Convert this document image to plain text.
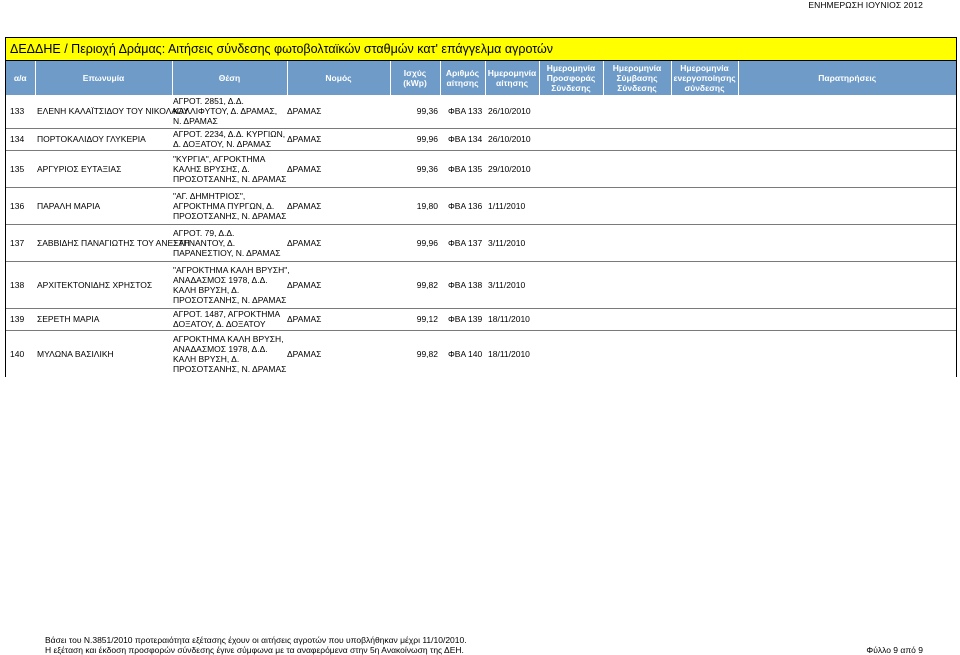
ΕΝΗΜΕΡΩΣΗ ΙΟΥΝΙΟΣ 2012
ΔΕΔΔΗΕ / Περιοχή Δράμας: Αιτήσεις σύνδεσης φωτοβολταϊκών σταθμών κατ' επάγγελμα αγροτών
α/α	Επωνυμία	Θέση	Νομός	Ισχύς (kWp)	Αριθμός αίτησης	Ημερομηνία αίτησης	Ημερομηνία Προσφοράς Σύνδεσης	Ημερομηνία Σύμβασης Σύνδεσης	Ημερομηνία ενεργοποίησης σύνδεσης	Παρατηρήσεις
133	ΕΛΕΝΗ ΚΑΛΑΪΤΣΙΔΟΥ ΤΟΥ ΝΙΚΟΛΑΟΥ	ΑΓΡΟΤ. 2851, Δ.Δ.
ΚΑΛΛΙΦΥΤΟΥ, Δ. ΔΡΑΜΑΣ,
Ν. ΔΡΑΜΑΣ	ΔΡΑΜΑΣ	99,36	ΦΒΑ 133	26/10/2010				
134	ΠΟΡΤΟΚΑΛΙΔΟΥ ΓΛΥΚΕΡΙΑ	ΑΓΡΟΤ. 2234, Δ.Δ. ΚΥΡΓΙΩΝ,
Δ. ΔΟΞΑΤΟΥ, Ν. ΔΡΑΜΑΣ	ΔΡΑΜΑΣ	99,96	ΦΒΑ 134	26/10/2010				
135	ΑΡΓΥΡΙΟΣ ΕΥΤΑΞΙΑΣ	"ΚΥΡΓΙΑ", ΑΓΡΟΚΤΗΜΑ
ΚΑΛΗΣ ΒΡΥΣΗΣ, Δ.
ΠΡΟΣΟΤΣΑΝΗΣ, Ν. ΔΡΑΜΑΣ	ΔΡΑΜΑΣ	99,36	ΦΒΑ 135	29/10/2010				
136	ΠΑΡΑΛΗ ΜΑΡΙΑ	"ΑΓ. ΔΗΜΗΤΡΙΟΣ",
ΑΓΡΟΚΤΗΜΑ ΠΥΡΓΩΝ, Δ.
ΠΡΟΣΟΤΣΑΝΗΣ, Ν. ΔΡΑΜΑΣ	ΔΡΑΜΑΣ	19,80	ΦΒΑ 136	1/11/2010				
137	ΣΑΒΒΙΔΗΣ ΠΑΝΑΓΙΩΤΗΣ ΤΟΥ ΑΝΕΣΤΗ	ΑΓΡΟΤ. 79, Δ.Δ.
ΞΑΓΝΑΝΤΟΥ, Δ.
ΠΑΡΑΝΕΣΤΙΟΥ, Ν. ΔΡΑΜΑΣ	ΔΡΑΜΑΣ	99,96	ΦΒΑ 137	3/11/2010				
138	ΑΡΧΙΤΕΚΤΟΝΙΔΗΣ ΧΡΗΣΤΟΣ	"ΑΓΡΟΚΤΗΜΑ ΚΑΛΗ ΒΡΥΣΗ",
ΑΝΑΔΑΣΜΟΣ 1978, Δ.Δ.
ΚΑΛΗ ΒΡΥΣΗ, Δ.
ΠΡΟΣΟΤΣΑΝΗΣ, Ν. ΔΡΑΜΑΣ	ΔΡΑΜΑΣ	99,82	ΦΒΑ 138	3/11/2010				
139	ΣΕΡΕΤΗ ΜΑΡΙΑ	ΑΓΡΟΤ. 1487, ΑΓΡΟΚΤΗΜΑ
ΔΟΞΑΤΟΥ, Δ. ΔΟΞΑΤΟΥ	ΔΡΑΜΑΣ	99,12	ΦΒΑ 139	18/11/2010				
140	ΜΥΛΩΝΑ ΒΑΣΙΛΙΚΗ	ΑΓΡΟΚΤΗΜΑ ΚΑΛΗ ΒΡΥΣΗ,
ΑΝΑΔΑΣΜΟΣ 1978, Δ.Δ.
ΚΑΛΗ ΒΡΥΣΗ, Δ.
ΠΡΟΣΟΤΣΑΝΗΣ, Ν. ΔΡΑΜΑΣ	ΔΡΑΜΑΣ	99,82	ΦΒΑ 140	18/11/2010				
Βάσει του Ν.3851/2010 προτεραιότητα εξέτασης έχουν οι αιτήσεις αγροτών που υποβλήθηκαν μέχρι 11/10/2010.
Η εξέταση και έκδοση προσφορών σύνδεσης έγινε σύμφωνα με τα αναφερόμενα στην 5η Ανακοίνωση της ΔΕΗ.	Φύλλο 9 από 9
